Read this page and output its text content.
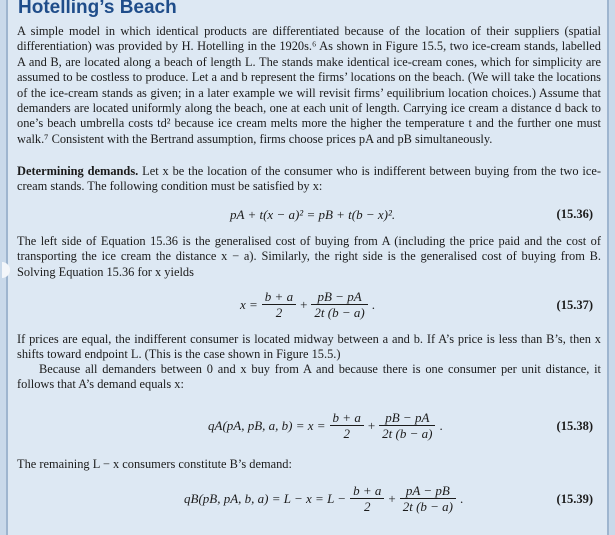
Hotelling’s Beach

A simple model in which identical products are differentiated because of the location of their suppliers (spatial differentiation) was provided by H. Hotelling in the 1920s.⁶ As shown in Figure 15.5, two ice-cream stands, labelled A and B, are located along a beach of length L. The stands make identical ice-cream cones, which for simplicity are assumed to be costless to produce. Let a and b represent the firms’ locations on the beach. (We will take the locations of the ice-cream stands as given; in a later example we will revisit firms’ equilibrium location choices.) Assume that demanders are located uniformly along the beach, one at each unit of length. Carrying ice cream a distance d back to one’s beach umbrella costs td² because ice cream melts more the higher the temperature t and the further one must walk.⁷ Consistent with the Bertrand assumption, firms choose prices pA and pB simultaneously.

Determining demands. Let x be the location of the consumer who is indifferent between buying from the two ice-cream stands. The following condition must be satisfied by x:

pA + t(x − a)² = pB + t(b − x)².	(15.36)

The left side of Equation 15.36 is the generalised cost of buying from A (including the price paid and the cost of transporting the ice cream the distance x − a). Similarly, the right side is the generalised cost of buying from B. Solving Equation 15.36 for x yields

$x = \frac{b + a}{2} + \frac{pB - pA}{2t (b - a)}$ .	(15.37)

If prices are equal, the indifferent consumer is located midway between a and b. If A’s price is less than B’s, then x shifts toward endpoint L. (This is the case shown in Figure 15.5.)

Because all demanders between 0 and x buy from A and because there is one consumer per unit distance, it follows that A’s demand equals x:

qA(pA, pB, a, $b) = x = \frac{b + a}{2} + \frac{pB - pA}{2t (b - a)}$ .	(15.38)

The remaining L − x consumers constitute B’s demand:

qB(pB, pA, b, $a) = L - x = L - \frac{b + a}{2} + \frac{pA - pB}{2t (b - a)}$ .	(15.39)
